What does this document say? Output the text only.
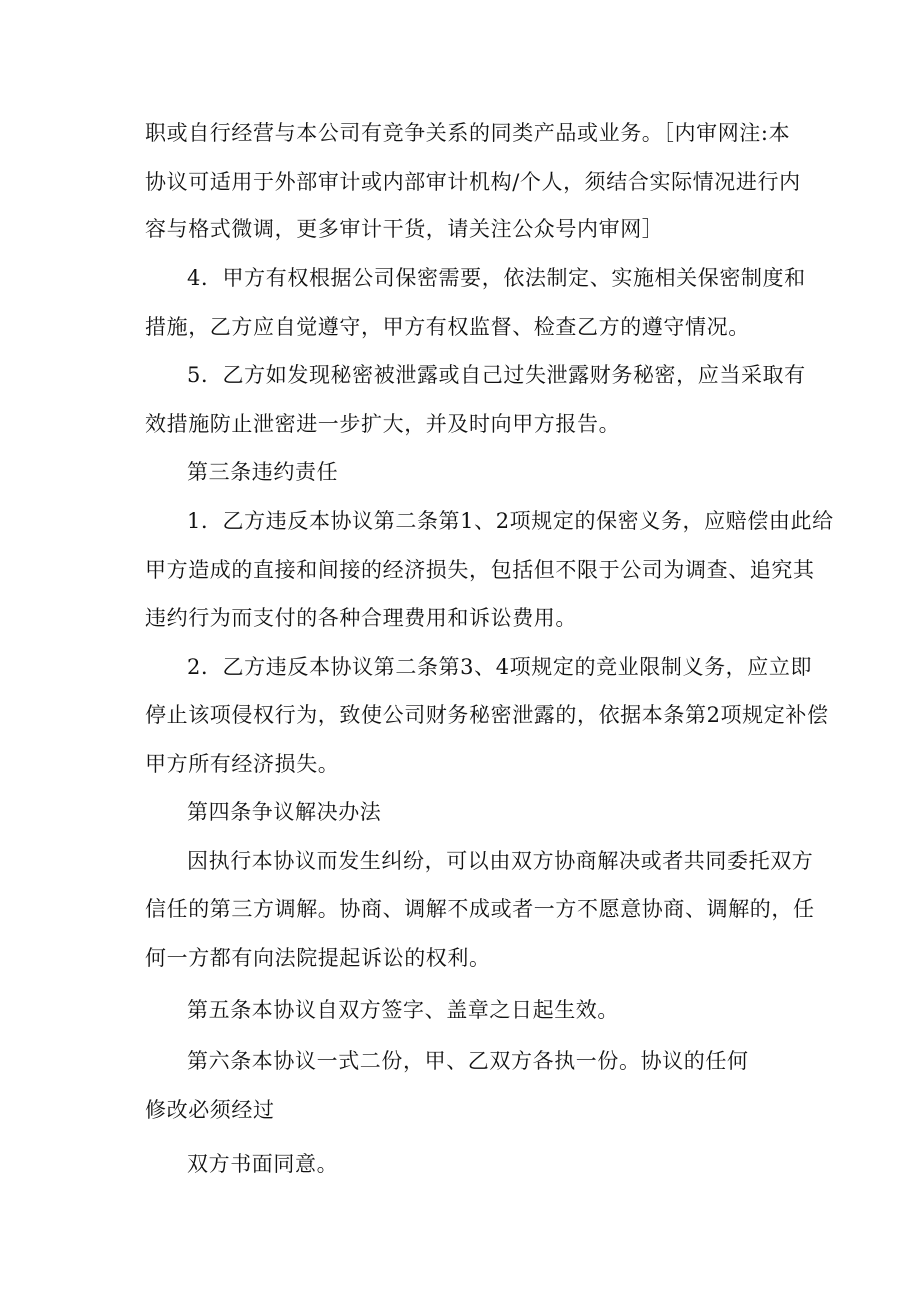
职或自行经营与本公司有竞争关系的同类产品或业务。［内审网注:本
协议可适用于外部审计或内部审计机构/个人，须结合实际情况进行内
容与格式微调，更多审计干货，请关注公众号内审网］
4．甲方有权根据公司保密需要，依法制定、实施相关保密制度和
措施，乙方应自觉遵守，甲方有权监督、检查乙方的遵守情况。
5．乙方如发现秘密被泄露或自己过失泄露财务秘密，应当采取有
效措施防止泄密进一步扩大，并及时向甲方报告。
第三条违约责任
1．乙方违反本协议第二条第1、2项规定的保密义务，应赔偿由此给
甲方造成的直接和间接的经济损失，包括但不限于公司为调查、追究其
违约行为而支付的各种合理费用和诉讼费用。
2．乙方违反本协议第二条第3、4项规定的竞业限制义务，应立即
停止该项侵权行为，致使公司财务秘密泄露的，依据本条第2项规定补偿
甲方所有经济损失。
第四条争议解决办法
因执行本协议而发生纠纷，可以由双方协商解决或者共同委托双方
信任的第三方调解。协商、调解不成或者一方不愿意协商、调解的，任
何一方都有向法院提起诉讼的权利。
第五条本协议自双方签字、盖章之日起生效。
第六条本协议一式二份，甲、乙双方各执一份。协议的任何
修改必须经过
双方书面同意。
